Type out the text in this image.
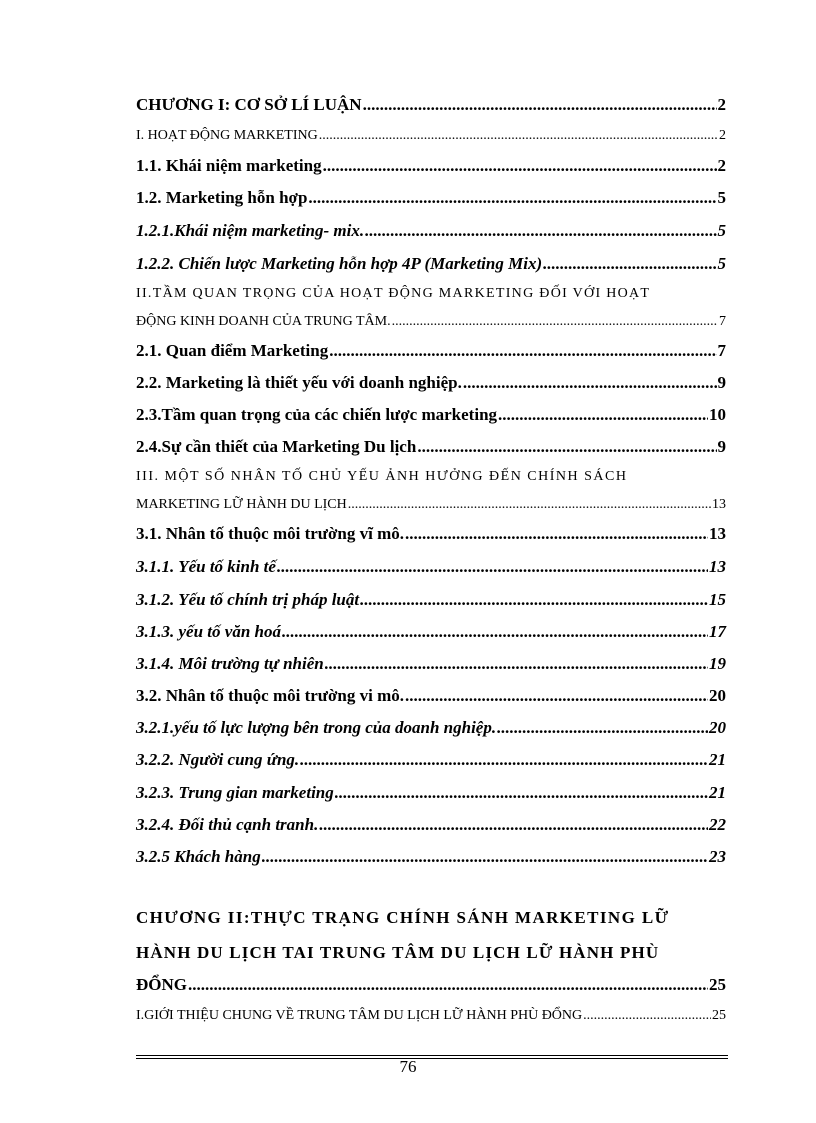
CHƯƠNG I: CƠ SỞ LÍ LUẬN .....	2
I. HOẠT ĐỘNG MARKETING .....	2
1.1. Khái niệm marketing .....	2
1.2. Marketing hỗn hợp .....	5
1.2.1.Khái niệm marketing- mix. .....	5
1.2.2. Chiến lược Marketing hỗn hợp 4P (Marketing Mix) .....	5
II.TẦM QUAN TRỌNG CỦA HOẠT ĐỘNG MARKETING ĐỐI VỚI HOẠT
ĐỘNG KINH DOANH CỦA TRUNG TÂM. .....	7
2.1. Quan điểm Marketing .....	7
2.2. Marketing là thiết yếu với doanh nghiệp. .....	9
2.3.Tầm quan trọng của các chiến lược marketing .....	10
2.4.Sự cần thiết của Marketing Du lịch .....	9
III. MỘT SỐ NHÂN TỐ CHỦ YẾU ẢNH HƯỞNG ĐẾN CHÍNH SÁCH
MARKETING LỮ HÀNH DU LỊCH .....	13
3.1. Nhân tố thuộc môi trường vĩ mô. .....	13
3.1.1. Yếu tố kinh tế .....	13
3.1.2. Yếu tố chính trị pháp luật .....	15
3.1.3. yếu tố văn hoá .....	17
3.1.4. Môi trường tự nhiên .....	19
3.2. Nhân tố thuộc môi trường vi mô. .....	20
3.2.1.yếu tố lực lượng bên trong của doanh nghiệp. .....	20
3.2.2. Người cung ứng. .....	21
3.2.3. Trung gian marketing .....	21
3.2.4. Đối thủ cạnh tranh. .....	22
3.2.5 Khách hàng .....	23
CHƯƠNG II:THỰC TRẠNG CHÍNH SÁNH MARKETING LỮ
HÀNH DU LỊCH TAI TRUNG TÂM DU LỊCH LỮ HÀNH PHÙ
ĐỔNG .....	25
I.GIỚI THIỆU CHUNG VỀ TRUNG TÂM DU LỊCH LỮ HÀNH PHÙ ĐỔNG .....	25
76
